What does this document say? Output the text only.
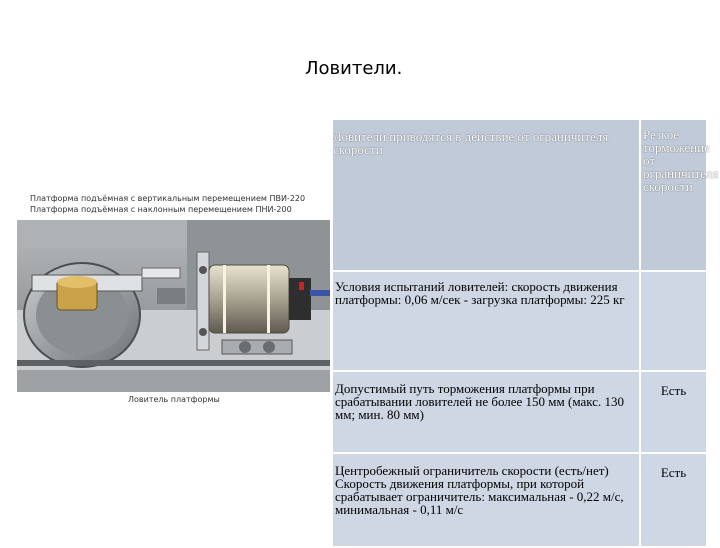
Ловители.
Платформа подъёмная с вертикальным перемещением ПВИ-220
Платформа подъёмная с наклонным перемещением ПНИ-200
Ловитель платформы
Ловители приводятся в действие от ограничителя скорости	Резкое торможение от ограничителя скорости
Условия испытаний ловителей: скорость движения платформы: 0,06 м/сек - загрузка платформы: 225 кг	
Допустимый путь торможения платформы при срабатывании ловителей не более 150 мм (макс. 130 мм; мин. 80 мм)	Есть
Центробежный ограничитель скорости (есть/нет) Скорость движения платформы, при которой срабатывает ограничитель: максимальная - 0,22 м/с, минимальная - 0,11 м/с	Есть
